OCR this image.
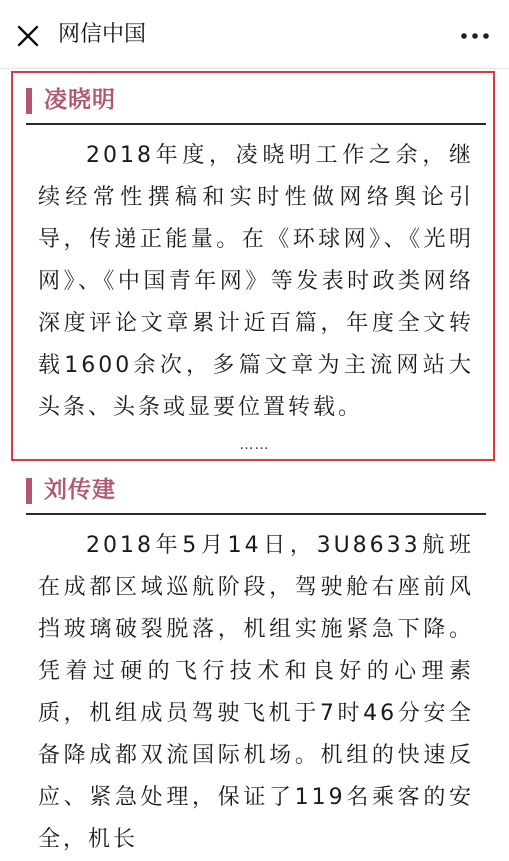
网信中国
凌晓明
2018年度，凌晓明工作之余，继续经常性撰稿和实时性做网络舆论引导，传递正能量。在《环球网》、《光明网》、《中国青年网》等发表时政类网络深度评论文章累计近百篇，年度全文转载1600余次，多篇文章为主流网站大头条、头条或显要位置转载。
……
刘传建
2018年5月14日，3U8633航班在成都区域巡航阶段，驾驶舱右座前风挡玻璃破裂脱落，机组实施紧急下降。凭着过硬的飞行技术和良好的心理素质，机组成员驾驶飞机于7时46分安全备降成都双流国际机场。机组的快速反应、紧急处理，保证了119名乘客的安全，机长
